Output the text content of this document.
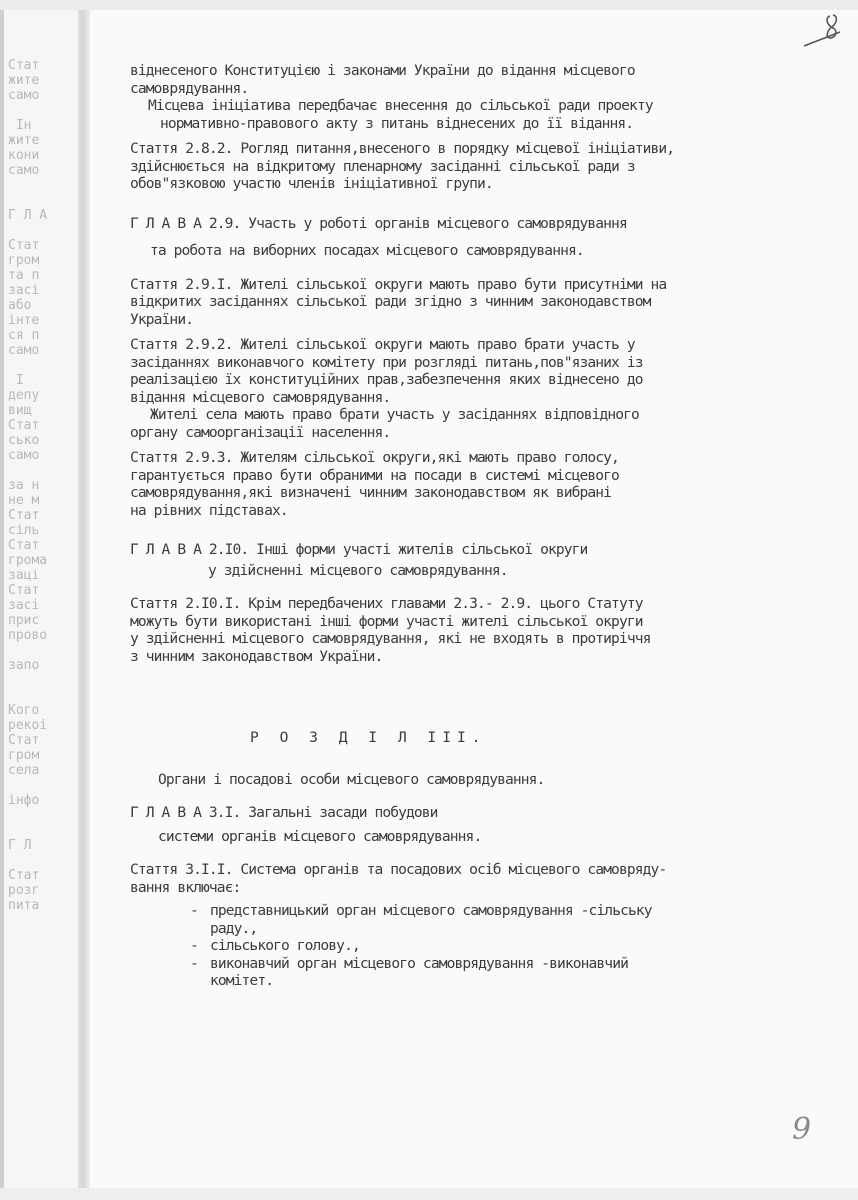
Стат
жите
само

Ін
жите
кони
само

Г Л А

Стат
гром
та п
засі
або
інте
ся п
само

І
депу
вищ
Стат
сько
само

за н
не м
Стат
сіль
Стат
грома
заці
Стат
засі
прис
прово

запо

Кого
рекоі
Стат
гром
села

інфо

Г Л

Стат
розг
пита
9

віднесеного Конституцією і законами України до відання місцевого
самоврядування.

Місцева ініціатива передбачає внесення до сільської ради проекту
нормативно-правового акту з питань віднесених до її відання.

Стаття 2.8.2. Рогляд питання,внесеного в порядку місцевої ініціативи,
здійснюється на відкритому пленарному засіданні сільської ради з
обов"язковою участю членів ініціативної групи.

Г Л А В А 2.9. Участь у роботі органів місцевого самоврядування

та робота на виборних посадах місцевого самоврядування.

Стаття 2.9.І. Жителі сільської округи мають право бути присутніми на
відкритих засіданнях сільської ради згідно з чинним законодавством
України.

Стаття 2.9.2. Жителі сільської округи мають право брати участь у
засіданнях виконавчого комітету при розгляді питань,пов"язаних із
реалізацією їх конституційних прав,забезпечення яких віднесено до
відання місцевого самоврядування.

Жителі села мають право брати участь у засіданнях відповідного
органу самоорганізації населення.

Стаття 2.9.3. Жителям сільської округи,які мають право голосу,
гарантується право бути обраними на посади в системі місцевого
самоврядування,які визначені чинним законодавством як вибрані
на рівних підставах.

Г Л А В А 2.І0. Інші форми участі жителів сільської округи

у здійсненні місцевого самоврядування.

Стаття 2.І0.І. Крім передбачених главами 2.3.- 2.9. цього Статуту
можуть бути використані інші форми участі жителі сільської округи
у здійсненні місцевого самоврядування, які не входять в протиріччя
з чинним законодавством України.

Р О З Д І Л ІІІ.

Органи і посадові особи місцевого самоврядування.

Г Л А В А 3.І. Загальні засади побудови

системи органів місцевого самоврядування.

Стаття 3.І.І. Система органів та посадових осіб місцевого самовряду-
вання включає:

- представницький орган місцевого самоврядування -сільську
раду.,
- сільського голову.,
- виконавчий орган місцевого самоврядування -виконавчий
комітет.
